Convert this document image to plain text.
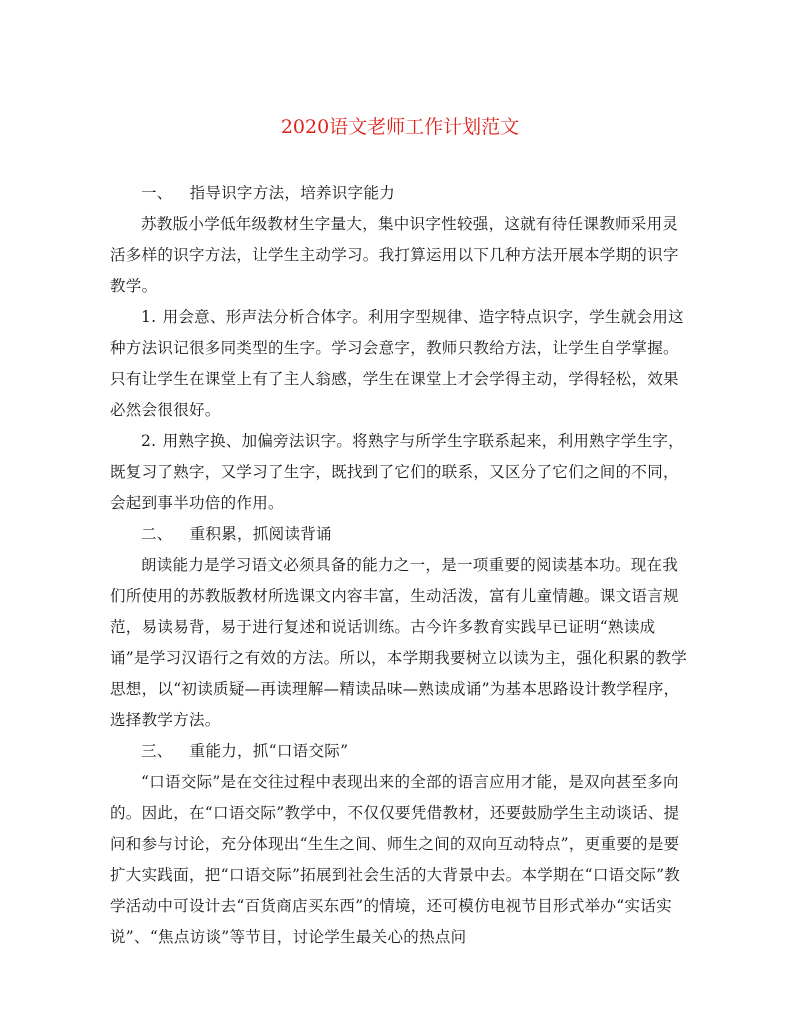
2020语文老师工作计划范文

一、 指导识字方法，培养识字能力

苏教版小学低年级教材生字量大，集中识字性较强，这就有待任课教师采用灵活多样的识字方法，让学生主动学习。我打算运用以下几种方法开展本学期的识字教学。

1. 用会意、形声法分析合体字。利用字型规律、造字特点识字，学生就会用这种方法识记很多同类型的生字。学习会意字，教师只教给方法，让学生自学掌握。只有让学生在课堂上有了主人翁感，学生在课堂上才会学得主动，学得轻松，效果必然会很很好。

2. 用熟字换、加偏旁法识字。将熟字与所学生字联系起来，利用熟字学生字，既复习了熟字，又学习了生字，既找到了它们的联系，又区分了它们之间的不同，会起到事半功倍的作用。

二、 重积累，抓阅读背诵

朗读能力是学习语文必须具备的能力之一，是一项重要的阅读基本功。现在我们所使用的苏教版教材所选课文内容丰富，生动活泼，富有儿童情趣。课文语言规范，易读易背，易于进行复述和说话训练。古今许多教育实践早已证明“熟读成诵”是学习汉语行之有效的方法。所以，本学期我要树立以读为主，强化积累的教学思想，以“初读质疑—再读理解—精读品味—熟读成诵”为基本思路设计教学程序，选择教学方法。

三、 重能力，抓“口语交际”

“口语交际”是在交往过程中表现出来的全部的语言应用才能，是双向甚至多向的。因此，在“口语交际”教学中，不仅仅要凭借教材，还要鼓励学生主动谈话、提问和参与讨论，充分体现出“生生之间、师生之间的双向互动特点”，更重要的是要扩大实践面，把“口语交际”拓展到社会生活的大背景中去。本学期在“口语交际”教学活动中可设计去“百货商店买东西”的情境，还可模仿电视节目形式举办“实话实说”、“焦点访谈”等节目，讨论学生最关心的热点问
